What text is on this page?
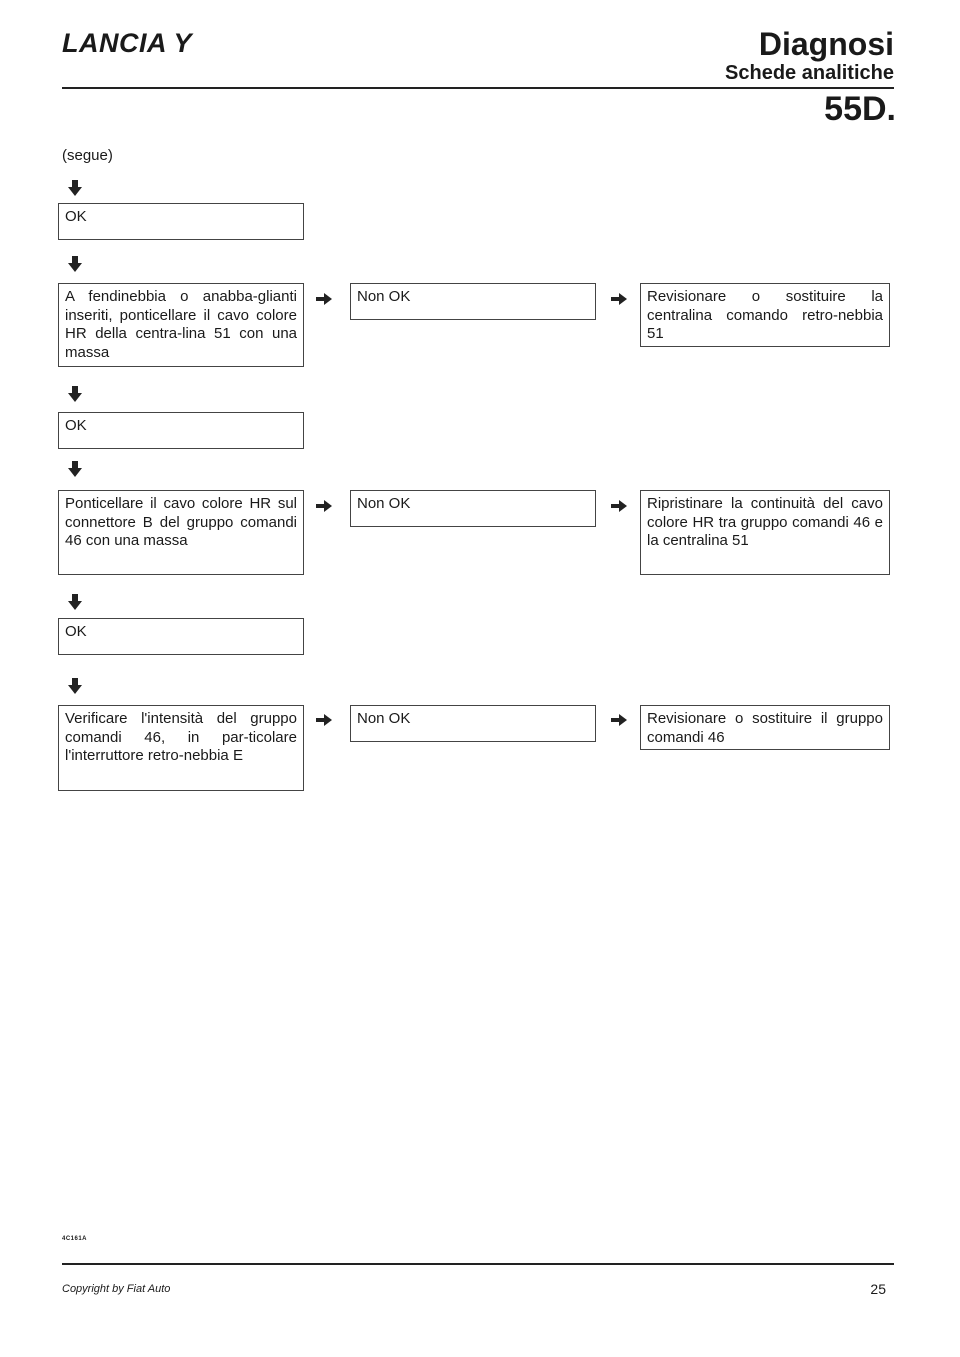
LANCIA Y	Diagnosi
Schede analitiche
55D.
(segue)
OK
A fendinebbia o anabba-glianti inseriti, ponticellare il cavo colore HR della centra-lina 51 con una massa
Non OK	Revisionare o sostituire la centralina comando retro-nebbia 51
OK
Ponticellare il cavo colore HR sul connettore B del gruppo comandi 46 con una massa
Non OK	Ripristinare la continuità del cavo colore HR tra gruppo comandi 46 e la centralina 51
OK
Verificare l'intensità del gruppo comandi 46, in par-ticolare l'interruttore retro-nebbia E
Non OK	Revisionare o sostituire il gruppo comandi 46
4C161A
Copyright by Fiat Auto	25
